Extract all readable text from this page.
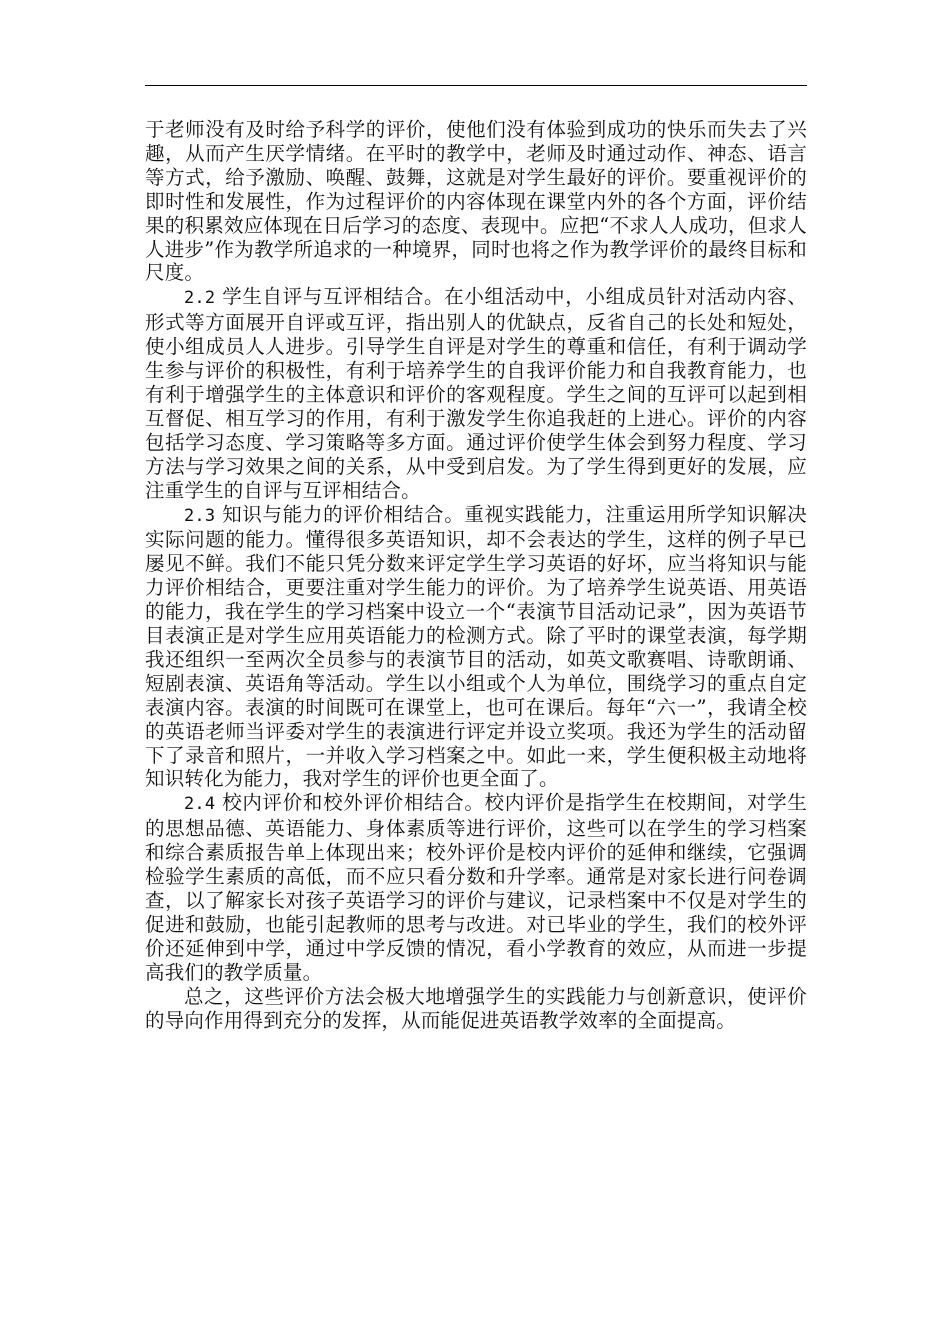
于老师没有及时给予科学的评价，使他们没有体验到成功的快乐而失去了兴趣，从而产生厌学情绪。在平时的教学中，老师及时通过动作、神态、语言等方式，给予激励、唤醒、鼓舞，这就是对学生最好的评价。要重视评价的即时性和发展性，作为过程评价的内容体现在课堂内外的各个方面，评价结果的积累效应体现在日后学习的态度、表现中。应把“不求人人成功，但求人人进步”作为教学所追求的一种境界，同时也将之作为教学评价的最终目标和尺度。

2.2 学生自评与互评相结合。在小组活动中，小组成员针对活动内容、形式等方面展开自评或互评，指出别人的优缺点，反省自己的长处和短处，使小组成员人人进步。引导学生自评是对学生的尊重和信任，有利于调动学生参与评价的积极性，有利于培养学生的自我评价能力和自我教育能力，也有利于增强学生的主体意识和评价的客观程度。学生之间的互评可以起到相互督促、相互学习的作用，有利于激发学生你追我赶的上进心。评价的内容包括学习态度、学习策略等多方面。通过评价使学生体会到努力程度、学习方法与学习效果之间的关系，从中受到启发。为了学生得到更好的发展，应注重学生的自评与互评相结合。

2.3 知识与能力的评价相结合。重视实践能力，注重运用所学知识解决实际问题的能力。懂得很多英语知识，却不会表达的学生，这样的例子早已屡见不鲜。我们不能只凭分数来评定学生学习英语的好坏，应当将知识与能力评价相结合，更要注重对学生能力的评价。为了培养学生说英语、用英语的能力，我在学生的学习档案中设立一个“表演节目活动记录”，因为英语节目表演正是对学生应用英语能力的检测方式。除了平时的课堂表演，每学期我还组织一至两次全员参与的表演节目的活动，如英文歌赛唱、诗歌朗诵、短剧表演、英语角等活动。学生以小组或个人为单位，围绕学习的重点自定表演内容。表演的时间既可在课堂上，也可在课后。每年“六一”，我请全校的英语老师当评委对学生的表演进行评定并设立奖项。我还为学生的活动留下了录音和照片，一并收入学习档案之中。如此一来，学生便积极主动地将知识转化为能力，我对学生的评价也更全面了。

2.4 校内评价和校外评价相结合。校内评价是指学生在校期间，对学生的思想品德、英语能力、身体素质等进行评价，这些可以在学生的学习档案和综合素质报告单上体现出来；校外评价是校内评价的延伸和继续，它强调检验学生素质的高低，而不应只看分数和升学率。通常是对家长进行问卷调查，以了解家长对孩子英语学习的评价与建议，记录档案中不仅是对学生的促进和鼓励，也能引起教师的思考与改进。对已毕业的学生，我们的校外评价还延伸到中学，通过中学反馈的情况，看小学教育的效应，从而进一步提高我们的教学质量。

总之，这些评价方法会极大地增强学生的实践能力与创新意识，使评价的导向作用得到充分的发挥，从而能促进英语教学效率的全面提高。
